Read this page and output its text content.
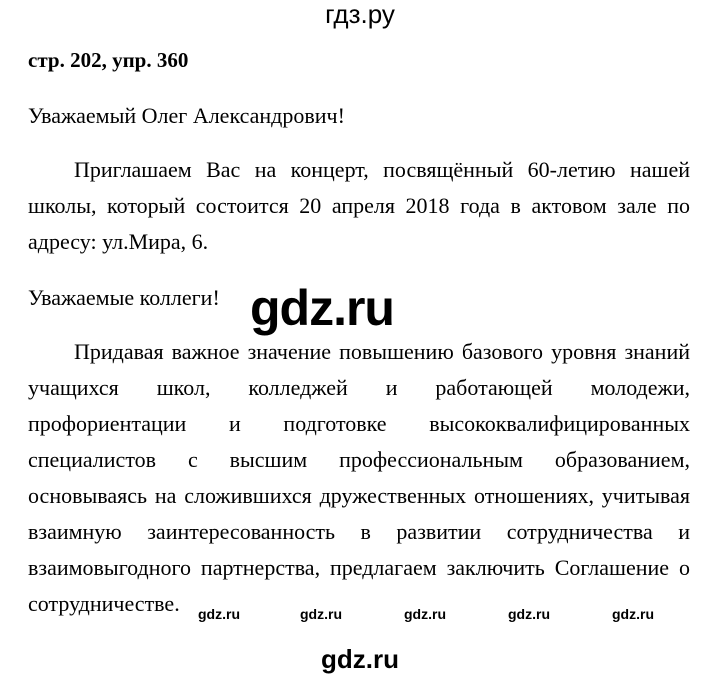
гдз.ру
стр. 202, упр. 360
Уважаемый Олег Александрович!
Приглашаем Вас на концерт, посвящённый 60-летию нашей школы, который состоится 20 апреля 2018 года в актовом зале по адресу: ул.Мира, 6.
Уважаемые коллеги!
Придавая важное значение повышению базового уровня знаний учащихся школ, колледжей и работающей молодежи, профориентации и подготовке высококвалифицированных специалистов с высшим профессиональным образованием, основываясь на сложившихся дружественных отношениях, учитывая взаимную заинтересованность в развитии сотрудничества и взаимовыгодного партнерства, предлагаем заключить Соглашение о сотрудничестве.
gdz.ru
gdz.ru	gdz.ru	gdz.ru	gdz.ru	gdz.ru
gdz.ru
